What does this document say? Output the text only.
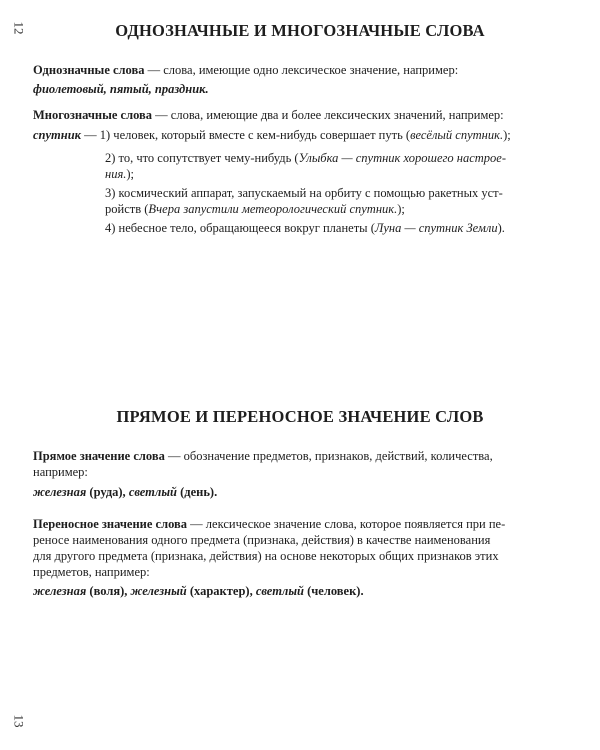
12	ОДНОЗНАЧНЫЕ И МНОГОЗНАЧНЫЕ СЛОВА

Однозначные слова — слова, имеющие одно лексическое значение, например:

фиолетовый, пятый, праздник.

Многозначные слова — слова, имеющие два и более лексических значений, например:

спутник — 1) человек, который вместе с кем-нибудь совершает путь (весёлый спутник.);

2) то, что сопутствует чему-нибудь (Улыбка — спутник хорошего настрое-
ния.);

3) космический аппарат, запускаемый на орбиту с помощью ракетных уст-
ройств (Вчера запустили метеорологический спутник.);

4) небесное тело, обращающееся вокруг планеты (Луна — спутник Земли).

ПРЯМОЕ И ПЕРЕНОСНОЕ ЗНАЧЕНИЕ СЛОВ

Прямое значение слова — обозначение предметов, признаков, действий, количества,
например:

железная (руда), светлый (день).

Переносное значение слова — лексическое значение слова, которое появляется при пе-
реносе наименования одного предмета (признака, действия) в качестве наименования
для другого предмета (признака, действия) на основе некоторых общих признаков этих
предметов, например:

железная (воля), железный (характер), светлый (человек).

13
